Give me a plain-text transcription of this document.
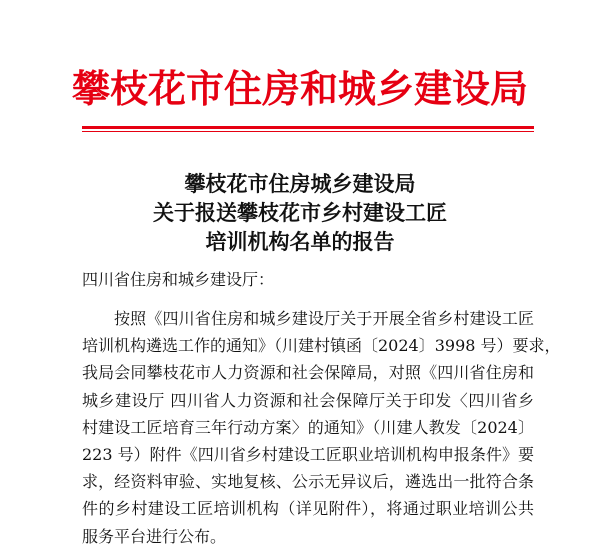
攀枝花市住房和城乡建设局
攀枝花市住房城乡建设局
关于报送攀枝花市乡村建设工匠
培训机构名单的报告
四川省住房和城乡建设厅：
按照《四川省住房和城乡建设厅关于开展全省乡村建设工匠
培训机构遴选工作的通知》（川建村镇函〔2024〕3998 号）要求，
我局会同攀枝花市人力资源和社会保障局，对照《四川省住房和
城乡建设厅 四川省人力资源和社会保障厅关于印发〈四川省乡
村建设工匠培育三年行动方案〉的通知》（川建人教发〔2024〕
223 号）附件《四川省乡村建设工匠职业培训机构申报条件》要
求，经资料审验、实地复核、公示无异议后，遴选出一批符合条
件的乡村建设工匠培训机构（详见附件），将通过职业培训公共
服务平台进行公布。
